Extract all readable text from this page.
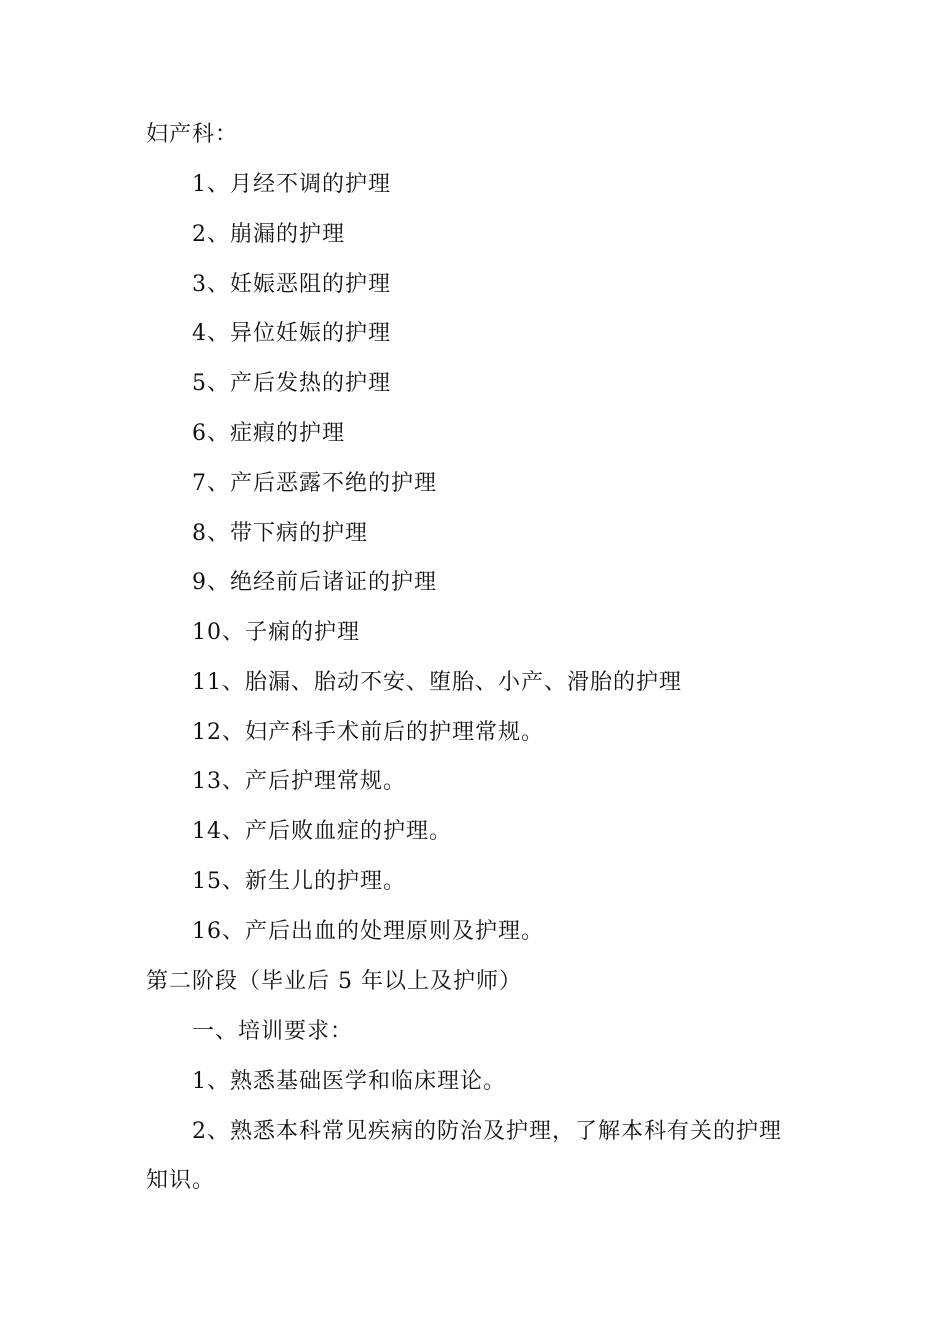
妇产科：
1、月经不调的护理
2、崩漏的护理
3、妊娠恶阻的护理
4、异位妊娠的护理
5、产后发热的护理
6、症瘕的护理
7、产后恶露不绝的护理
8、带下病的护理
9、绝经前后诸证的护理
10、子痫的护理
11、胎漏、胎动不安、堕胎、小产、滑胎的护理
12、妇产科手术前后的护理常规。
13、产后护理常规。
14、产后败血症的护理。
15、新生儿的护理。
16、产后出血的处理原则及护理。
第二阶段（毕业后 5 年以上及护师）
一、培训要求：
1、熟悉基础医学和临床理论。
2、熟悉本科常见疾病的防治及护理，了解本科有关的护理
知识。
